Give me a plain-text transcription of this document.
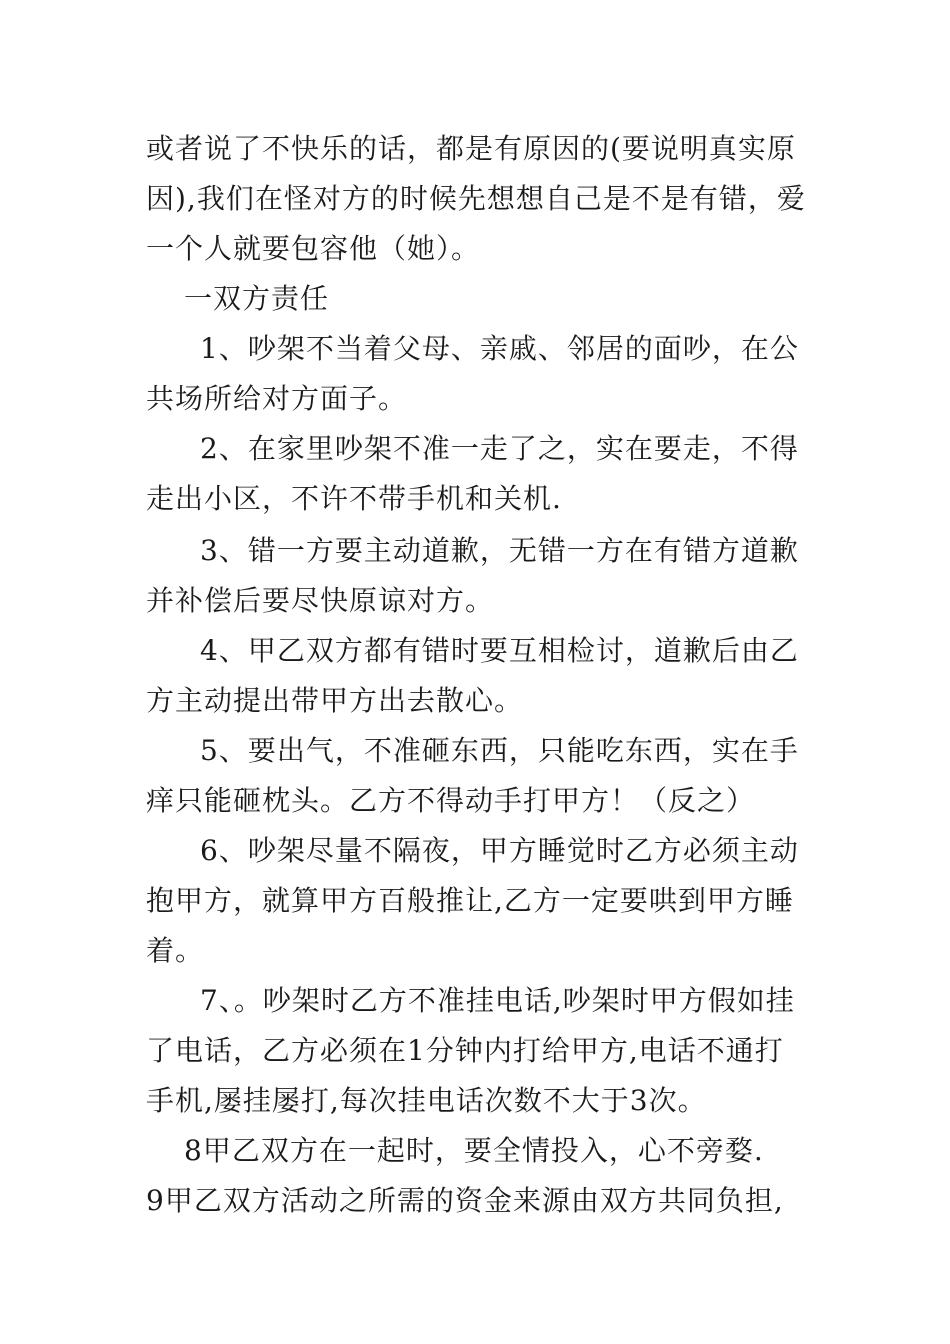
或者说了不快乐的话，都是有原因的(要说明真实原
因),我们在怪对方的时候先想想自己是不是有错，爱
一个人就要包容他（她）。
一双方责任
1、吵架不当着父母、亲戚、邻居的面吵，在公
共场所给对方面子。
2、在家里吵架不准一走了之，实在要走，不得
走出小区，不许不带手机和关机.
3、错一方要主动道歉，无错一方在有错方道歉
并补偿后要尽快原谅对方。
4、甲乙双方都有错时要互相检讨，道歉后由乙
方主动提出带甲方出去散心。
5、要出气，不准砸东西，只能吃东西，实在手
痒只能砸枕头。乙方不得动手打甲方！（反之）
6、吵架尽量不隔夜，甲方睡觉时乙方必须主动
抱甲方，就算甲方百般推让,乙方一定要哄到甲方睡
着。
7、。吵架时乙方不准挂电话,吵架时甲方假如挂
了电话，乙方必须在1分钟内打给甲方,电话不通打
手机,屡挂屡打,每次挂电话次数不大于3次。
8甲乙双方在一起时，要全情投入，心不旁婺.
9甲乙双方活动之所需的资金来源由双方共同负担,
